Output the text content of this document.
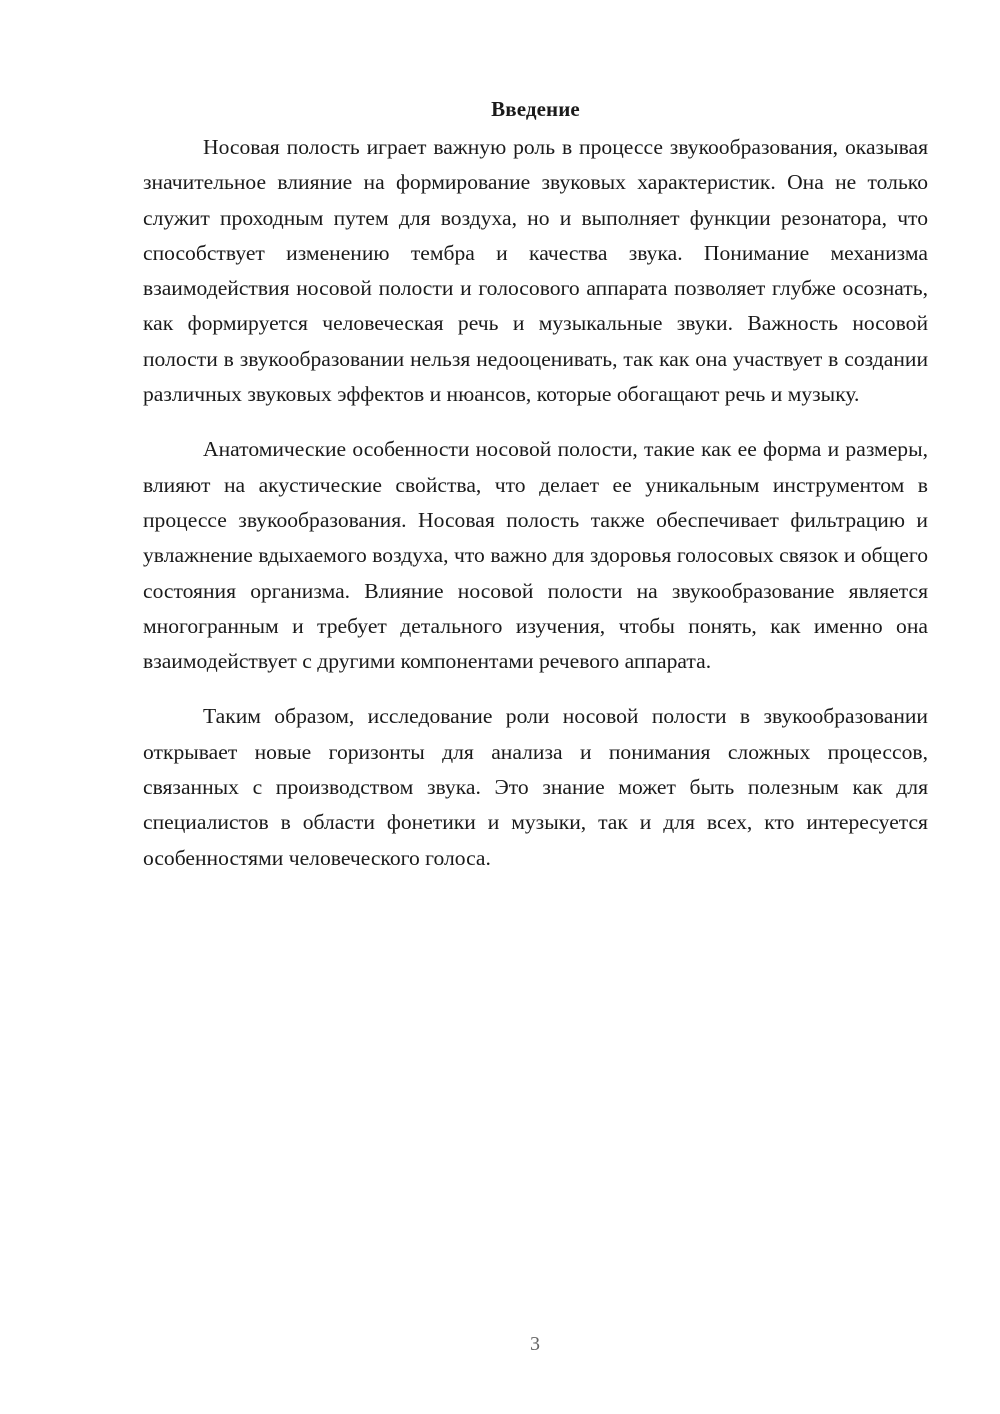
Введение

Носовая полость играет важную роль в процессе звукообразования, оказывая значительное влияние на формирование звуковых характеристик. Она не только служит проходным путем для воздуха, но и выполняет функции резонатора, что способствует изменению тембра и качества звука. Понимание механизма взаимодействия носовой полости и голосового аппарата позволяет глубже осознать, как формируется человеческая речь и музыкальные звуки. Важность носовой полости в звукообразовании нельзя недооценивать, так как она участвует в создании различных звуковых эффектов и нюансов, которые обогащают речь и музыку.

Анатомические особенности носовой полости, такие как ее форма и размеры, влияют на акустические свойства, что делает ее уникальным инструментом в процессе звукообразования. Носовая полость также обеспечивает фильтрацию и увлажнение вдыхаемого воздуха, что важно для здоровья голосовых связок и общего состояния организма. Влияние носовой полости на звукообразование является многогранным и требует детального изучения, чтобы понять, как именно она взаимодействует с другими компонентами речевого аппарата.

Таким образом, исследование роли носовой полости в звукообразовании открывает новые горизонты для анализа и понимания сложных процессов, связанных с производством звука. Это знание может быть полезным как для специалистов в области фонетики и музыки, так и для всех, кто интересуется особенностями человеческого голоса.

3
